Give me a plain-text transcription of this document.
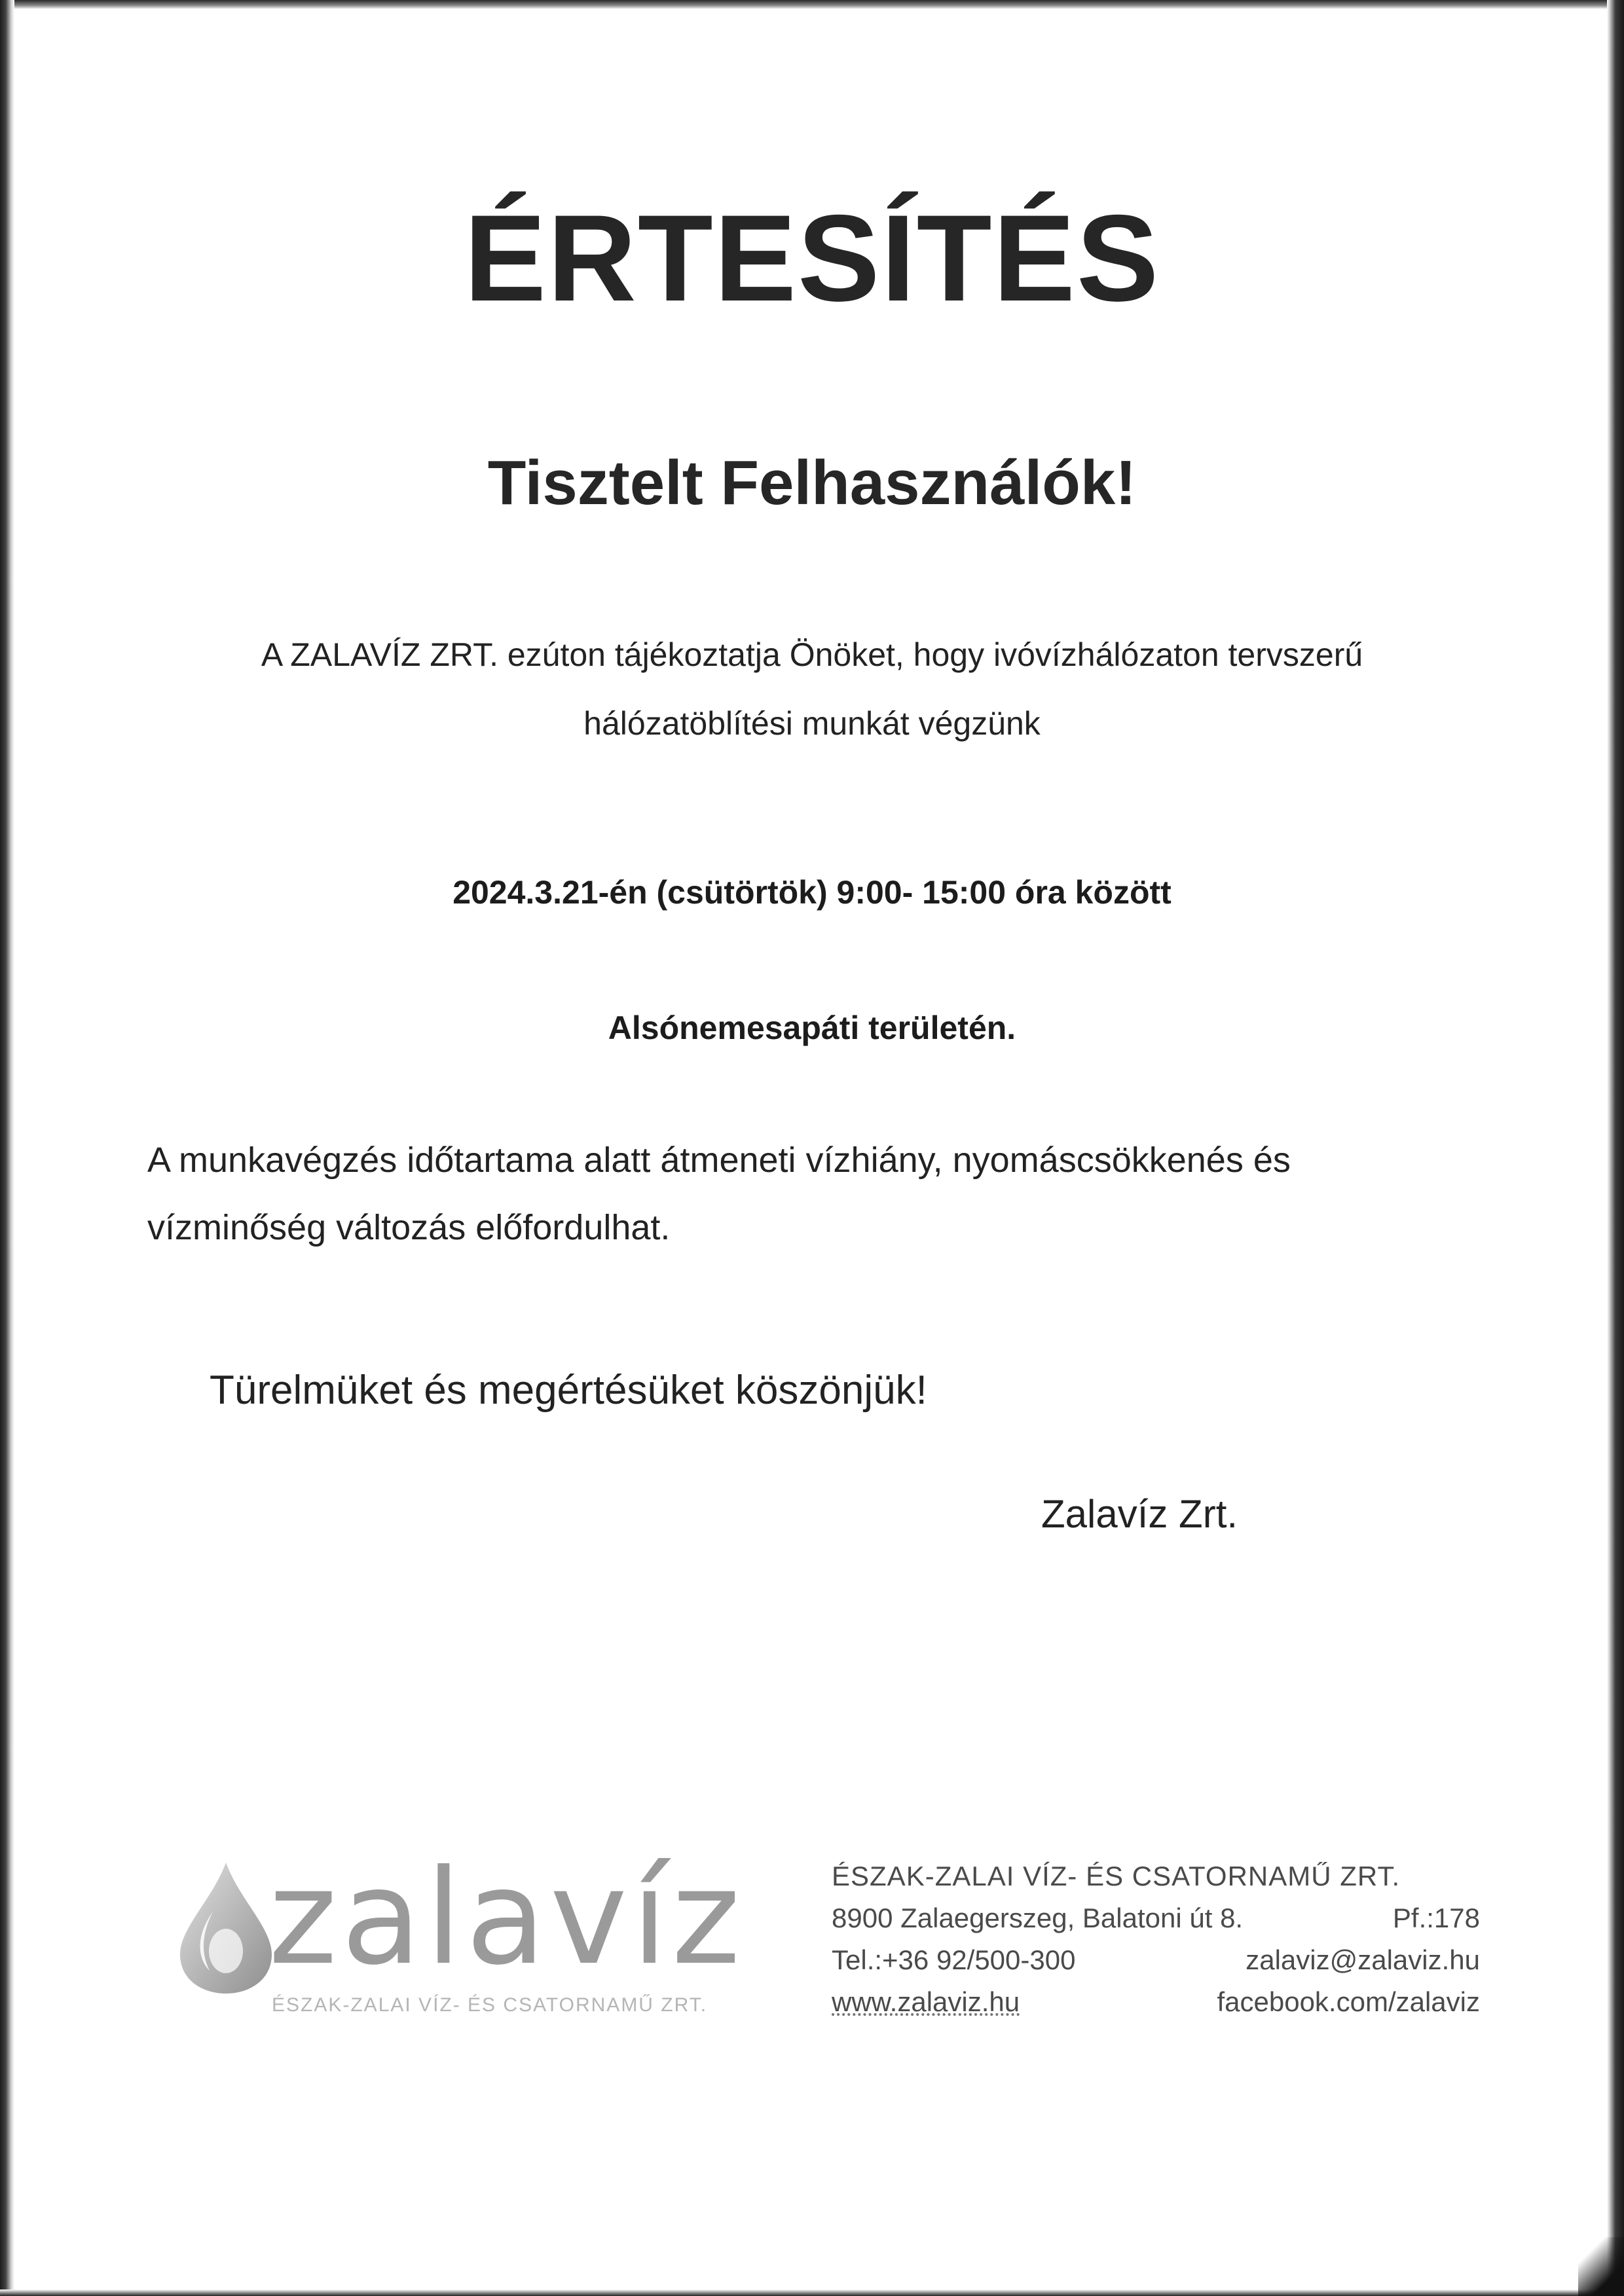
ÉRTESÍTÉS
Tisztelt Felhasználók!
A ZALAVÍZ ZRT. ezúton tájékoztatja Önöket, hogy ivóvízhálózaton tervszerű
hálózatöblítési munkát végzünk
2024.3.21-én (csütörtök) 9:00- 15:00 óra között
Alsónemesapáti területén.
A munkavégzés időtartama alatt átmeneti vízhiány, nyomáscsökkenés és
vízminőség változás előfordulhat.
Türelmüket és megértésüket köszönjük!
Zalavíz Zrt.
zalavíz
ÉSZAK-ZALAI VÍZ- ÉS CSATORNAMŰ ZRT.
ÉSZAK-ZALAI VÍZ- ÉS CSATORNAMŰ ZRT.
8900 Zalaegerszeg, Balatoni út 8.	Pf.:178
Tel.:+36 92/500-300	zalaviz@zalaviz.hu
www.zalaviz.hu	facebook.com/zalaviz
